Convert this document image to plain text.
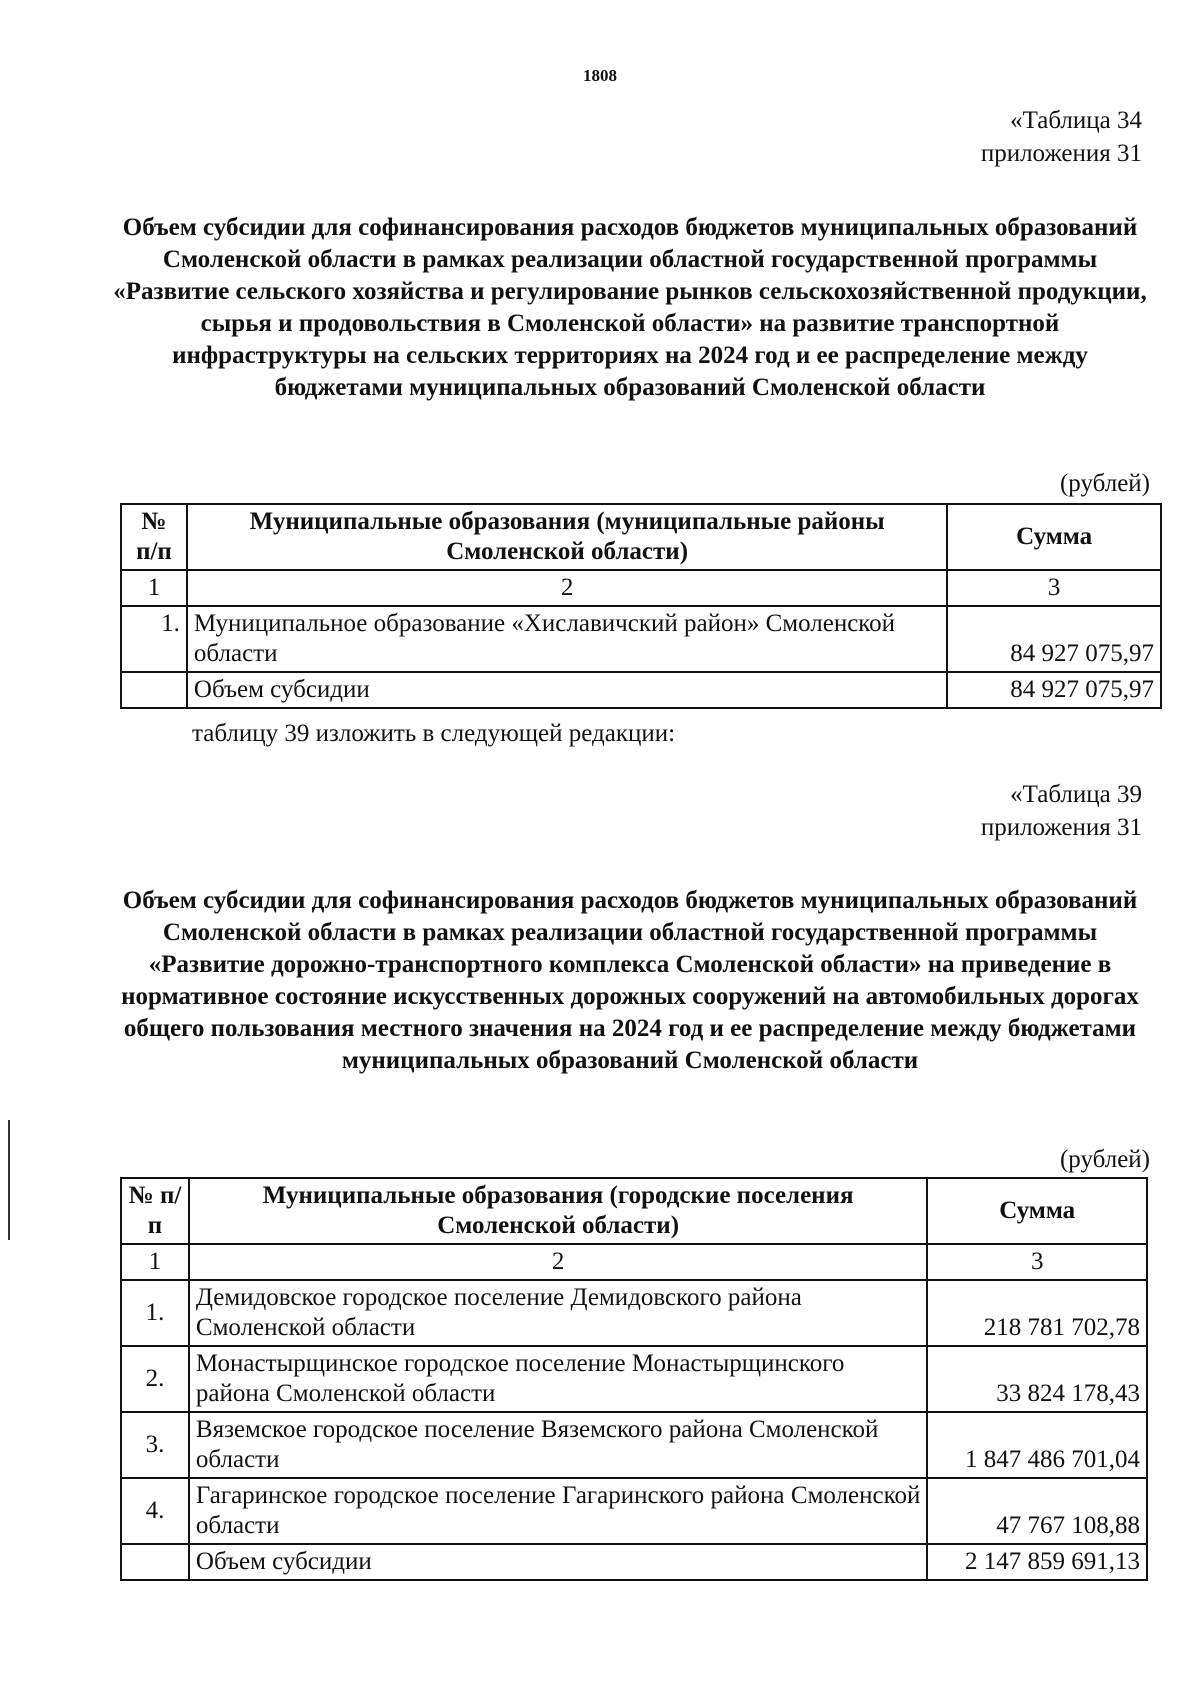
1808
«Таблица 34
приложения 31
Объем субсидии для софинансирования расходов бюджетов муниципальных образований Смоленской области в рамках реализации областной государственной программы «Развитие сельского хозяйства и регулирование рынков сельскохозяйственной продукции, сырья и продовольствия в Смоленской области» на развитие транспортной инфраструктуры на сельских территориях на 2024 год и ее распределение между бюджетами муниципальных образований Смоленской области
(рублей)
№ п/п	Муниципальные образования (муниципальные районы Смоленской области)	Сумма
1	2	3
1.	Муниципальное образование «Хиславичский район» Смоленской области	84 927 075,97
	Объем субсидии	84 927 075,97
таблицу 39 изложить в следующей редакции:
«Таблица 39
приложения 31
Объем субсидии для софинансирования расходов бюджетов муниципальных образований Смоленской области в рамках реализации областной государственной программы «Развитие дорожно-транспортного комплекса Смоленской области» на приведение в нормативное состояние искусственных дорожных сооружений на автомобильных дорогах общего пользования местного значения на 2024 год и ее распределение между бюджетами муниципальных образований Смоленской области
(рублей)
№ п/п	Муниципальные образования (городские поселения Смоленской области)	Сумма
1	2	3
1.	Демидовское городское поселение Демидовского района Смоленской области	218 781 702,78
2.	Монастырщинское городское поселение Монастырщинского района Смоленской области	33 824 178,43
3.	Вяземское городское поселение Вяземского района Смоленской области	1 847 486 701,04
4.	Гагаринское городское поселение Гагаринского района Смоленской области	47 767 108,88
	Объем субсидии	2 147 859 691,13
